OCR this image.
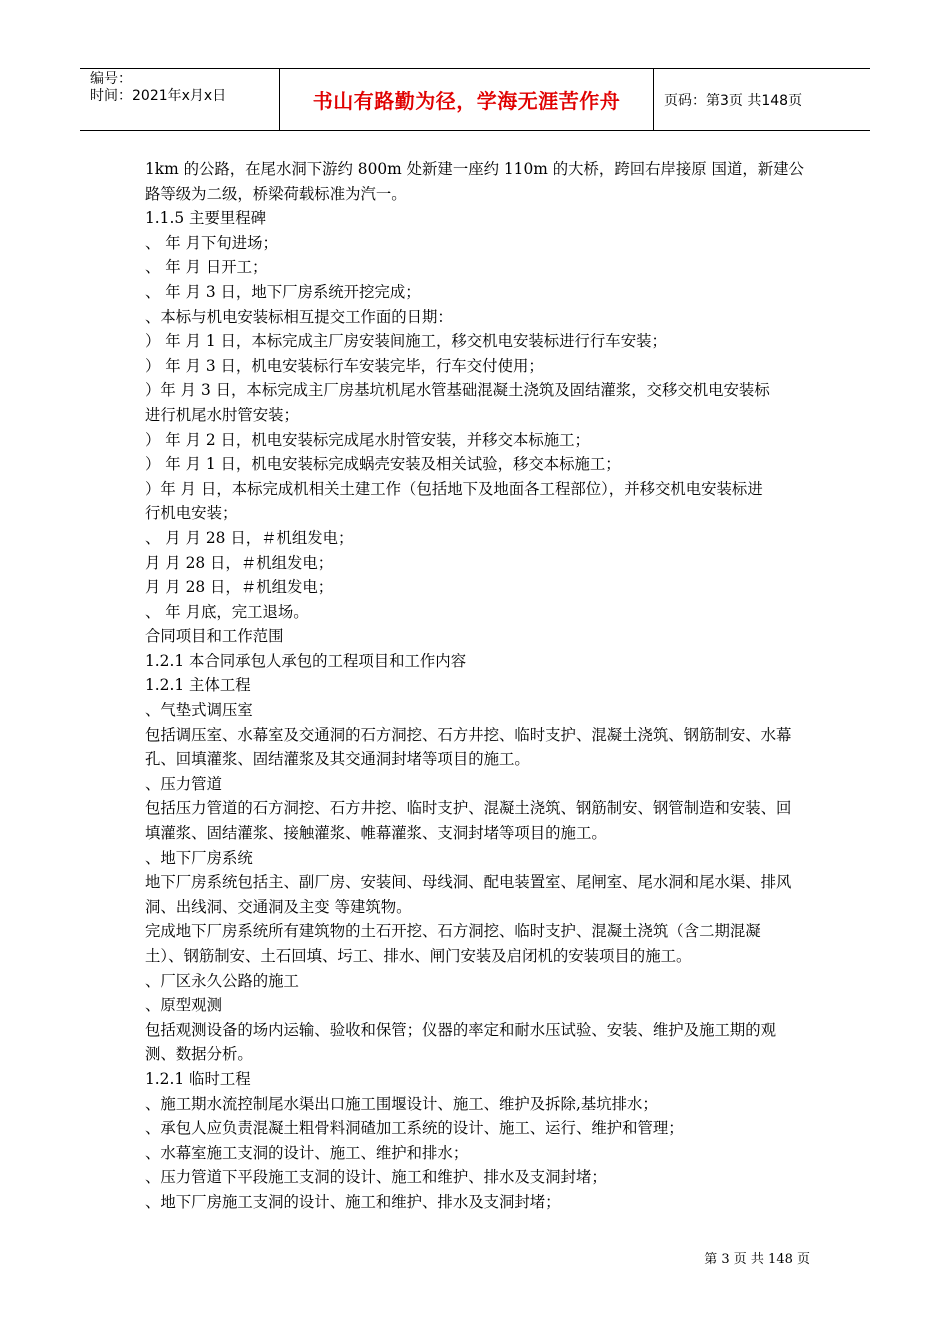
编号：
时间：2021年x月x日	书山有路勤为径，学海无涯苦作舟	页码：第3页 共148页

1km 的公路，在尾水洞下游约 800m 处新建一座约 110m 的大桥，跨回右岸接原 国道，新建公

路等级为二级，桥梁荷载标准为汽一。

1.1.5 主要里程碑

、 年 月下旬进场；

、 年 月 日开工；

、 年 月 3 日，地下厂房系统开挖完成；

、本标与机电安装标相互提交工作面的日期：

） 年 月 1 日，本标完成主厂房安装间施工，移交机电安装标进行行车安装；

） 年 月 3 日，机电安装标行车安装完毕，行车交付使用；

）年 月 3 日，本标完成主厂房基坑机尾水管基础混凝土浇筑及固结灌浆，交移交机电安装标

进行机尾水肘管安装；

） 年 月 2 日，机电安装标完成尾水肘管安装，并移交本标施工；

） 年 月 1 日，机电安装标完成蜗壳安装及相关试验，移交本标施工；

）年 月 日，本标完成机相关土建工作（包括地下及地面各工程部位），并移交机电安装标进

行机电安装；

、 月 月 28 日，＃机组发电；

月 月 28 日，＃机组发电；

月 月 28 日，＃机组发电；

、 年 月底，完工退场。

合同项目和工作范围

1.2.1 本合同承包人承包的工程项目和工作内容

1.2.1 主体工程

、气垫式调压室

包括调压室、水幕室及交通洞的石方洞挖、石方井挖、临时支护、混凝土浇筑、钢筋制安、水幕

孔、回填灌浆、固结灌浆及其交通洞封堵等项目的施工。

、压力管道

包括压力管道的石方洞挖、石方井挖、临时支护、混凝土浇筑、钢筋制安、钢管制造和安装、回

填灌浆、固结灌浆、接触灌浆、帷幕灌浆、支洞封堵等项目的施工。

、地下厂房系统

地下厂房系统包括主、副厂房、安装间、母线洞、配电装置室、尾闸室、尾水洞和尾水渠、排风

洞、出线洞、交通洞及主变 等建筑物。

完成地下厂房系统所有建筑物的土石开挖、石方洞挖、临时支护、混凝土浇筑（含二期混凝

土）、钢筋制安、土石回填、圬工、排水、闸门安装及启闭机的安装项目的施工。

、厂区永久公路的施工

、原型观测

包括观测设备的场内运输、验收和保管；仪器的率定和耐水压试验、安装、维护及施工期的观

测、数据分析。

1.2.1 临时工程

、施工期水流控制尾水渠出口施工围堰设计、施工、维护及拆除,基坑排水；

、承包人应负责混凝土粗骨料洞碴加工系统的设计、施工、运行、维护和管理；

、水幕室施工支洞的设计、施工、维护和排水；

、压力管道下平段施工支洞的设计、施工和维护、排水及支洞封堵；

、地下厂房施工支洞的设计、施工和维护、排水及支洞封堵；

第 3 页 共 148 页
